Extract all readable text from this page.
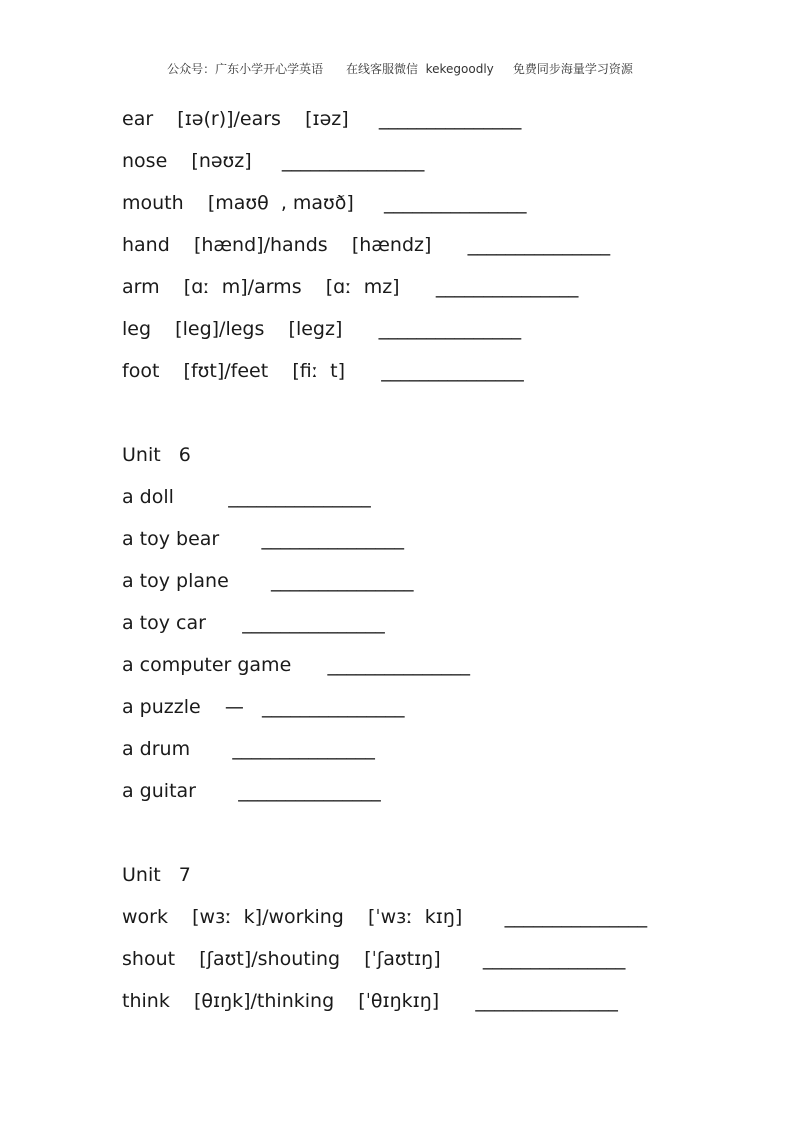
公众号：广东小学开心学英语      在线客服微信  kekegoodly     免费同步海量学习资源
ear    [ɪə(r)]/ears    [ɪəz]     _______________
nose    [nəʊz]     _______________
mouth    [maʊθ  , maʊð]     _______________
hand    [hænd]/hands    [hændz]      _______________
arm    [ɑː  m]/arms    [ɑː  mz]      _______________
leg    [leg]/legs    [legz]      _______________
foot    [fʊt]/feet    [fiː  t]      _______________
Unit   6
a doll         _______________
a toy bear       _______________
a toy plane       _______________
a toy car      _______________
a computer game      _______________
a puzzle    —   _______________
a drum       _______________
a guitar       _______________
Unit   7
work    [wɜː  k]/working    [ˈwɜː  kɪŋ]       _______________
shout    [ʃaʊt]/shouting    [ˈʃaʊtɪŋ]       _______________
think    [θɪŋk]/thinking    [ˈθɪŋkɪŋ]      _______________
